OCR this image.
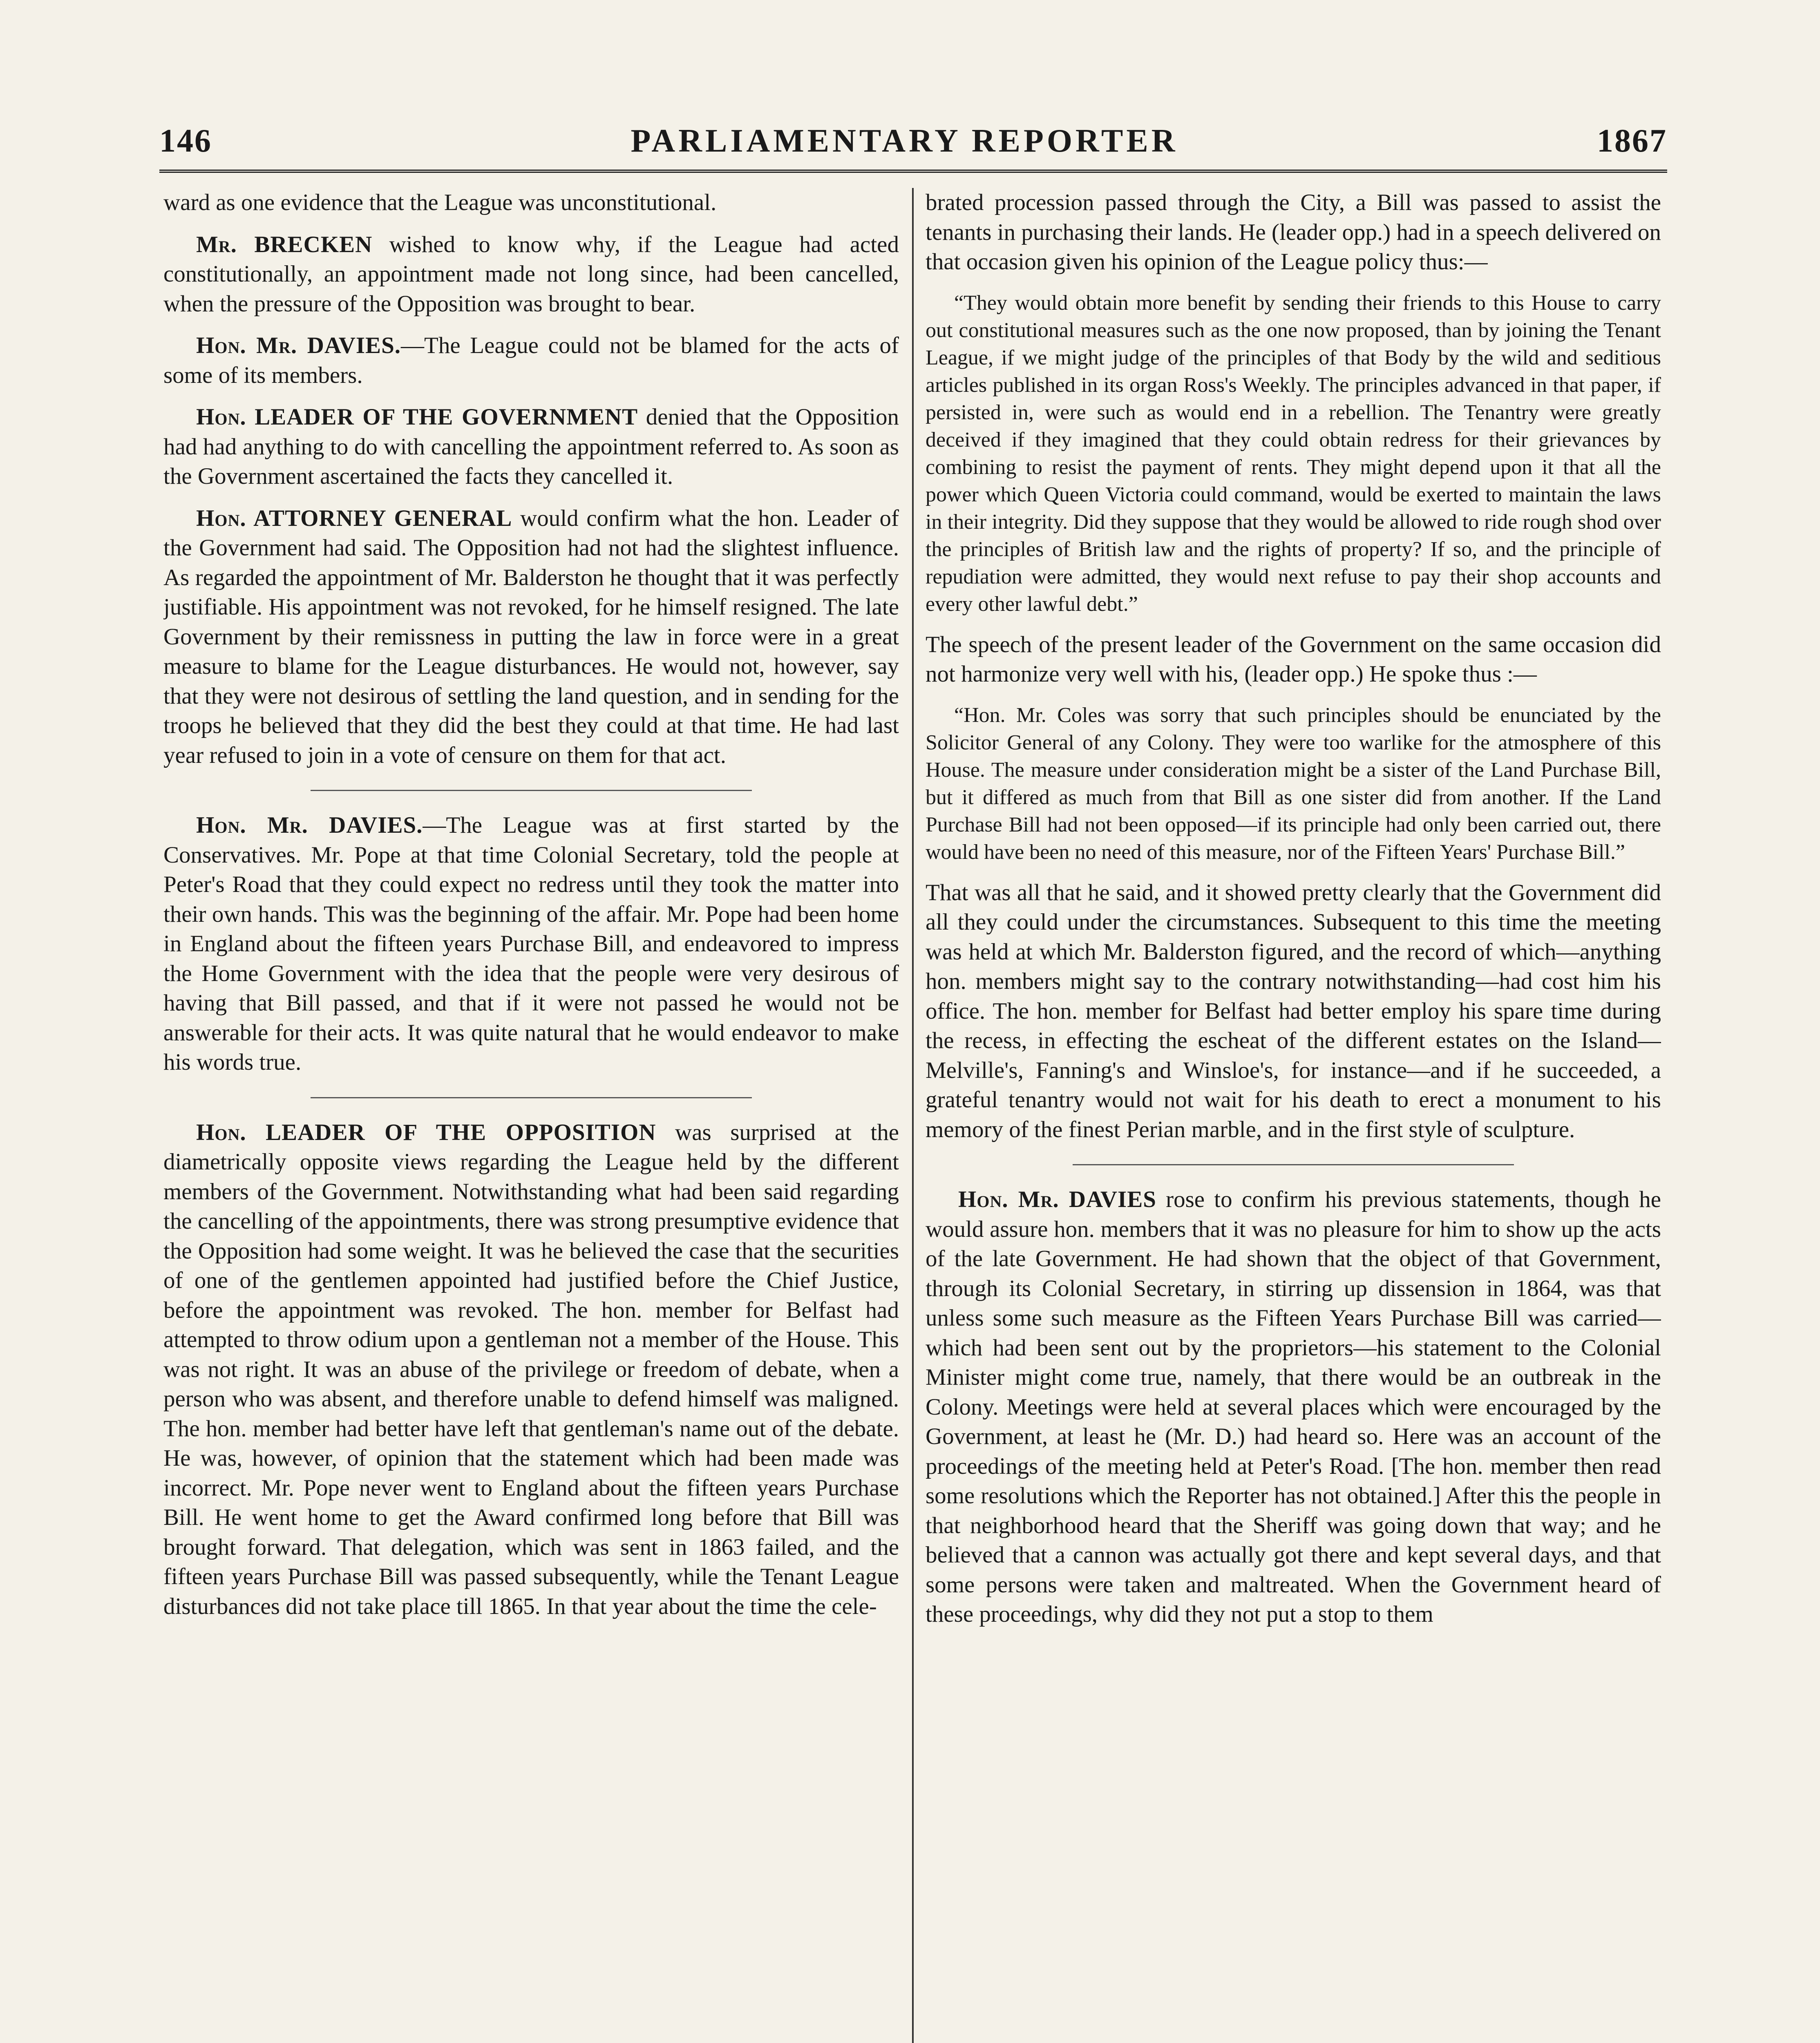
146	PARLIAMENTARY REPORTER	1867

ward as one evidence that the League was unconstitutional.

Mr. BRECKEN wished to know why, if the League had acted constitutionally, an appointment made not long since, had been cancelled, when the pressure of the Opposition was brought to bear.

Hon. Mr. DAVIES.—The League could not be blamed for the acts of some of its members.

Hon. LEADER OF THE GOVERNMENT denied that the Opposition had had anything to do with cancelling the appointment referred to. As soon as the Government ascertained the facts they cancelled it.

Hon. ATTORNEY GENERAL would confirm what the hon. Leader of the Government had said. The Opposition had not had the slightest influence. As regarded the appointment of Mr. Balderston he thought that it was perfectly justifiable. His appointment was not revoked, for he himself resigned. The late Government by their remissness in putting the law in force were in a great measure to blame for the League disturbances. He would not, however, say that they were not desirous of settling the land question, and in sending for the troops he believed that they did the best they could at that time. He had last year refused to join in a vote of censure on them for that act.

Hon. Mr. DAVIES.—The League was at first started by the Conservatives. Mr. Pope at that time Colonial Secretary, told the people at Peter's Road that they could expect no redress until they took the matter into their own hands. This was the beginning of the affair. Mr. Pope had been home in England about the fifteen years Purchase Bill, and endeavored to impress the Home Government with the idea that the people were very desirous of having that Bill passed, and that if it were not passed he would not be answerable for their acts. It was quite natural that he would endeavor to make his words true.

Hon. LEADER OF THE OPPOSITION was surprised at the diametrically opposite views regarding the League held by the different members of the Government. Notwithstanding what had been said regarding the cancelling of the appointments, there was strong presumptive evidence that the Opposition had some weight. It was he believed the case that the securities of one of the gentlemen appointed had justified before the Chief Justice, before the appointment was revoked. The hon. member for Belfast had attempted to throw odium upon a gentleman not a member of the House. This was not right. It was an abuse of the privilege or freedom of debate, when a person who was absent, and therefore unable to defend himself was maligned. The hon. member had better have left that gentleman's name out of the debate. He was, however, of opinion that the statement which had been made was incorrect. Mr. Pope never went to England about the fifteen years Purchase Bill. He went home to get the Award confirmed long before that Bill was brought forward. That delegation, which was sent in 1863 failed, and the fifteen years Purchase Bill was passed subsequently, while the Tenant League disturbances did not take place till 1865. In that year about the time the cele-

brated procession passed through the City, a Bill was passed to assist the tenants in purchasing their lands. He (leader opp.) had in a speech delivered on that occasion given his opinion of the League policy thus:—

“They would obtain more benefit by sending their friends to this House to carry out constitutional measures such as the one now proposed, than by joining the Tenant League, if we might judge of the principles of that Body by the wild and seditious articles published in its organ Ross's Weekly. The principles advanced in that paper, if persisted in, were such as would end in a rebellion. The Tenantry were greatly deceived if they imagined that they could obtain redress for their grievances by combining to resist the payment of rents. They might depend upon it that all the power which Queen Victoria could command, would be exerted to maintain the laws in their integrity. Did they suppose that they would be allowed to ride rough shod over the principles of British law and the rights of property? If so, and the principle of repudiation were admitted, they would next refuse to pay their shop accounts and every other lawful debt.”

The speech of the present leader of the Government on the same occasion did not harmonize very well with his, (leader opp.) He spoke thus :—

“Hon. Mr. Coles was sorry that such principles should be enunciated by the Solicitor General of any Colony. They were too warlike for the atmosphere of this House. The measure under consideration might be a sister of the Land Purchase Bill, but it differed as much from that Bill as one sister did from another. If the Land Purchase Bill had not been opposed—if its principle had only been carried out, there would have been no need of this measure, nor of the Fifteen Years' Purchase Bill.”

That was all that he said, and it showed pretty clearly that the Government did all they could under the circumstances. Subsequent to this time the meeting was held at which Mr. Balderston figured, and the record of which—anything hon. members might say to the contrary notwithstanding—had cost him his office. The hon. member for Belfast had better employ his spare time during the recess, in effecting the escheat of the different estates on the Island—Melville's, Fanning's and Winsloe's, for instance—and if he succeeded, a grateful tenantry would not wait for his death to erect a monument to his memory of the finest Perian marble, and in the first style of sculpture.

Hon. Mr. DAVIES rose to confirm his previous statements, though he would assure hon. members that it was no pleasure for him to show up the acts of the late Government. He had shown that the object of that Government, through its Colonial Secretary, in stirring up dissension in 1864, was that unless some such measure as the Fifteen Years Purchase Bill was carried—which had been sent out by the proprietors—his statement to the Colonial Minister might come true, namely, that there would be an outbreak in the Colony. Meetings were held at several places which were encouraged by the Government, at least he (Mr. D.) had heard so. Here was an account of the proceedings of the meeting held at Peter's Road. [The hon. member then read some resolutions which the Reporter has not obtained.] After this the people in that neighborhood heard that the Sheriff was going down that way; and he believed that a cannon was actually got there and kept several days, and that some persons were taken and maltreated. When the Government heard of these proceedings, why did they not put a stop to them
